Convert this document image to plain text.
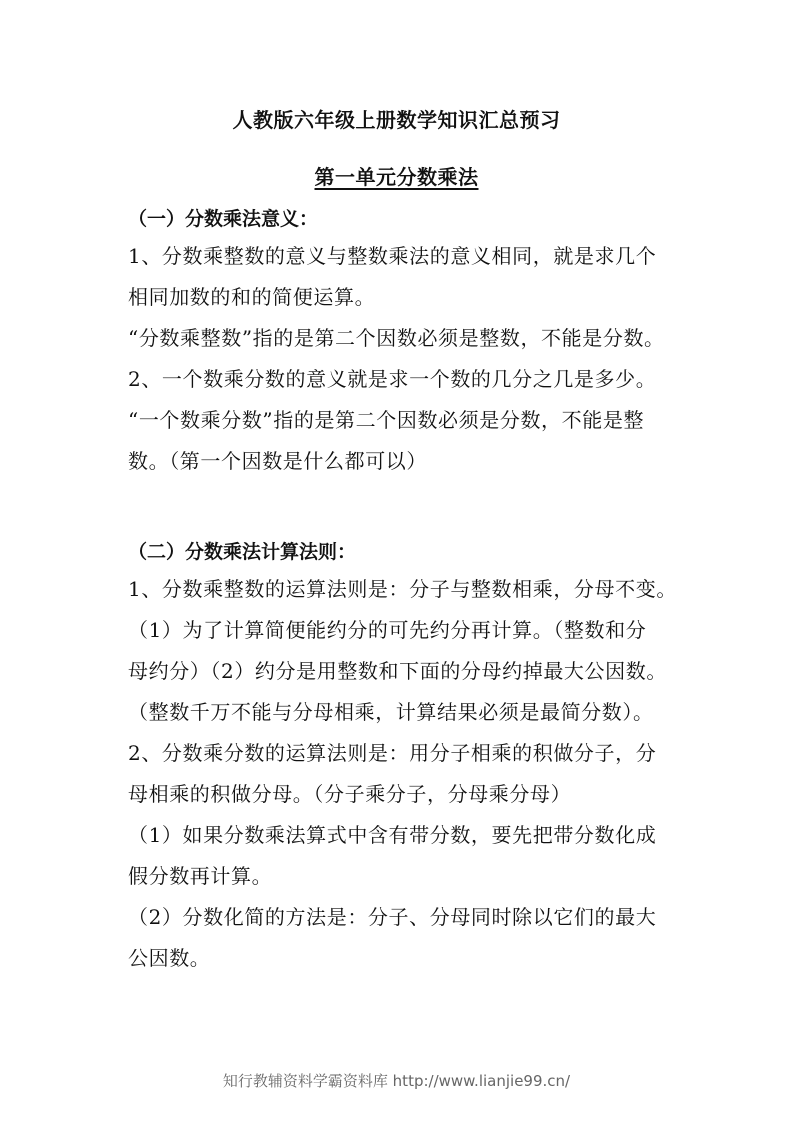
人教版六年级上册数学知识汇总预习
第一单元分数乘法
（一）分数乘法意义：
1、分数乘整数的意义与整数乘法的意义相同，就是求几个
相同加数的和的简便运算。
“分数乘整数”指的是第二个因数必须是整数，不能是分数。
2、一个数乘分数的意义就是求一个数的几分之几是多少。
“一个数乘分数”指的是第二个因数必须是分数，不能是整
数。（第一个因数是什么都可以）
（二）分数乘法计算法则：
1、分数乘整数的运算法则是：分子与整数相乘，分母不变。
（1）为了计算简便能约分的可先约分再计算。（整数和分
母约分）（2）约分是用整数和下面的分母约掉最大公因数。
（整数千万不能与分母相乘，计算结果必须是最简分数）。
2、分数乘分数的运算法则是：用分子相乘的积做分子，分
母相乘的积做分母。（分子乘分子，分母乘分母）
（1）如果分数乘法算式中含有带分数，要先把带分数化成
假分数再计算。
（2）分数化简的方法是：分子、分母同时除以它们的最大
公因数。
知行教辅资料学霸资料库 http://www.lianjie99.cn/
